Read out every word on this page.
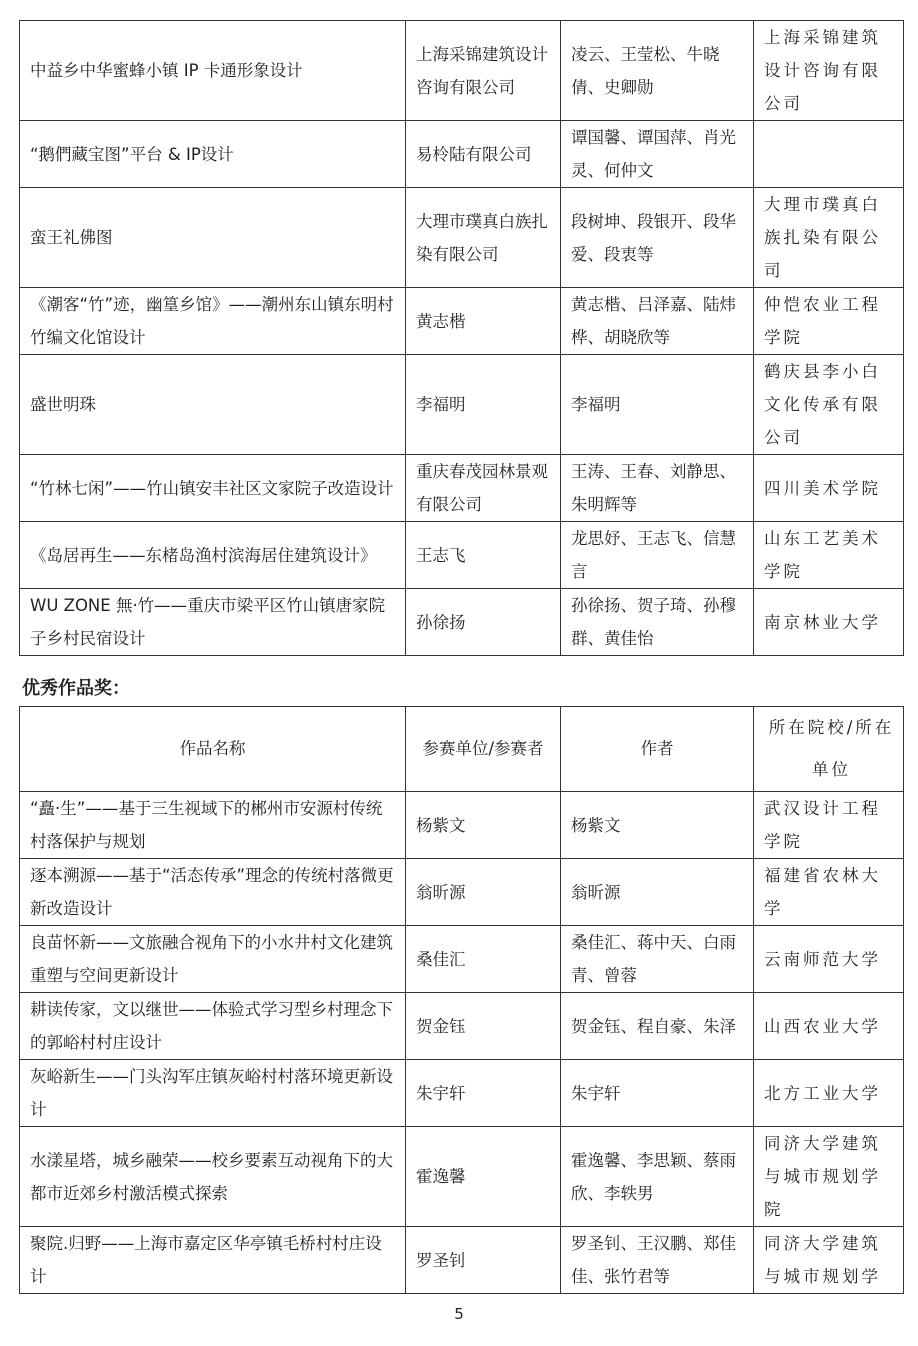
中益乡中华蜜蜂小镇 IP 卡通形象设计	上海采锦建筑设计咨询有限公司	凌云、王莹松、牛晓倩、史卿勋	上海采锦建筑设计咨询有限公司
“鹅們藏宝图”平台 & IP设计	易柃陆有限公司	谭国馨、谭国萍、肖光灵、何仲文	
蛮王礼佛图	大理市璞真白族扎染有限公司	段树坤、段银开、段华爱、段衷等	大理市璞真白族扎染有限公司
《潮客“竹”迹，幽篁乡馆》——潮州东山镇东明村竹编文化馆设计	黄志楷	黄志楷、吕泽嘉、陆炜桦、胡晓欣等	仲恺农业工程学院
盛世明珠	李福明	李福明	鹤庆县李小白文化传承有限公司
“竹林七闲”——竹山镇安丰社区文家院子改造设计	重庆春茂园林景观有限公司	王涛、王春、刘静思、朱明辉等	四川美术学院
《岛居再生——东楮岛渔村滨海居住建筑设计》	王志飞	龙思妤、王志飞、信慧言	山东工艺美术学院
WU ZONE 無·竹——重庆市梁平区竹山镇唐家院子乡村民宿设计	孙徐扬	孙徐扬、贺子琦、孙穆群、黄佳怡	南京林业大学
优秀作品奖：
作品名称	参赛单位/参赛者	作者	所在院校/所在单位
“矗·生”——基于三生视域下的郴州市安源村传统村落保护与规划	杨紫文	杨紫文	武汉设计工程学院
逐本溯源——基于“活态传承”理念的传统村落微更新改造设计	翁昕源	翁昕源	福建省农林大学
良苗怀新——文旅融合视角下的小水井村文化建筑重塑与空间更新设计	桑佳汇	桑佳汇、蒋中天、白雨青、曾蓉	云南师范大学
耕读传家，文以继世——体验式学习型乡村理念下的郭峪村村庄设计	贺金钰	贺金钰、程自豪、朱泽	山西农业大学
灰峪新生——门头沟军庄镇灰峪村村落环境更新设计	朱宇轩	朱宇轩	北方工业大学
水漾星塔，城乡融荣——校乡要素互动视角下的大都市近郊乡村激活模式探索	霍逸馨	霍逸馨、李思颖、蔡雨欣、李轶男	同济大学建筑与城市规划学院
聚院.归野——上海市嘉定区华亭镇毛桥村村庄设计	罗圣钊	罗圣钊、王汉鹏、郑佳佳、张竹君等	同济大学建筑与城市规划学
5
